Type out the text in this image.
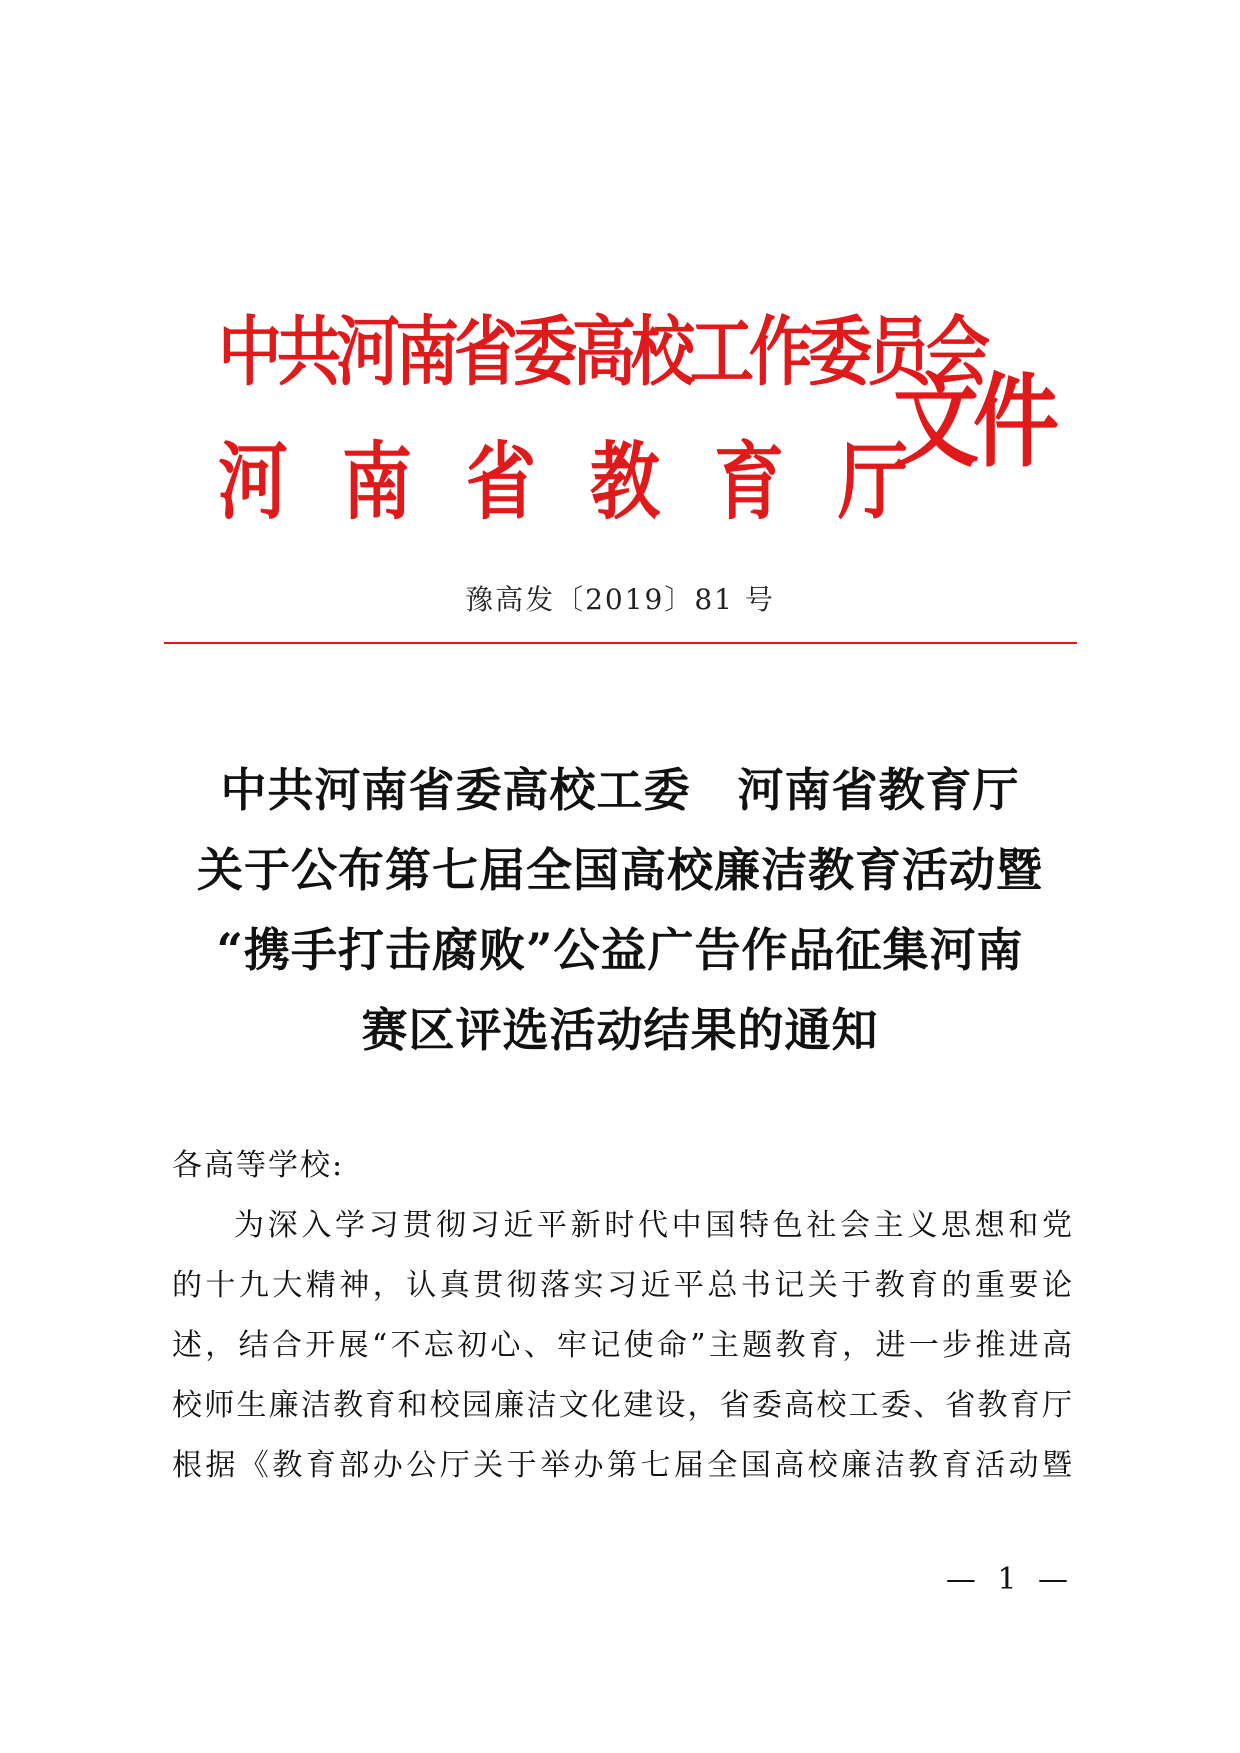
中共河南省委高校工作委员会
河南省教育厅
文件
豫高发〔2019〕81 号
中共河南省委高校工委　河南省教育厅
关于公布第七届全国高校廉洁教育活动暨
“携手打击腐败”公益广告作品征集河南
赛区评选活动结果的通知
各高等学校:
为深入学习贯彻习近平新时代中国特色社会主义思想和党
的十九大精神，认真贯彻落实习近平总书记关于教育的重要论
述，结合开展“不忘初心、牢记使命”主题教育，进一步推进高
校师生廉洁教育和校园廉洁文化建设，省委高校工委、省教育厅
根据《教育部办公厅关于举办第七届全国高校廉洁教育活动暨
— 1 —
